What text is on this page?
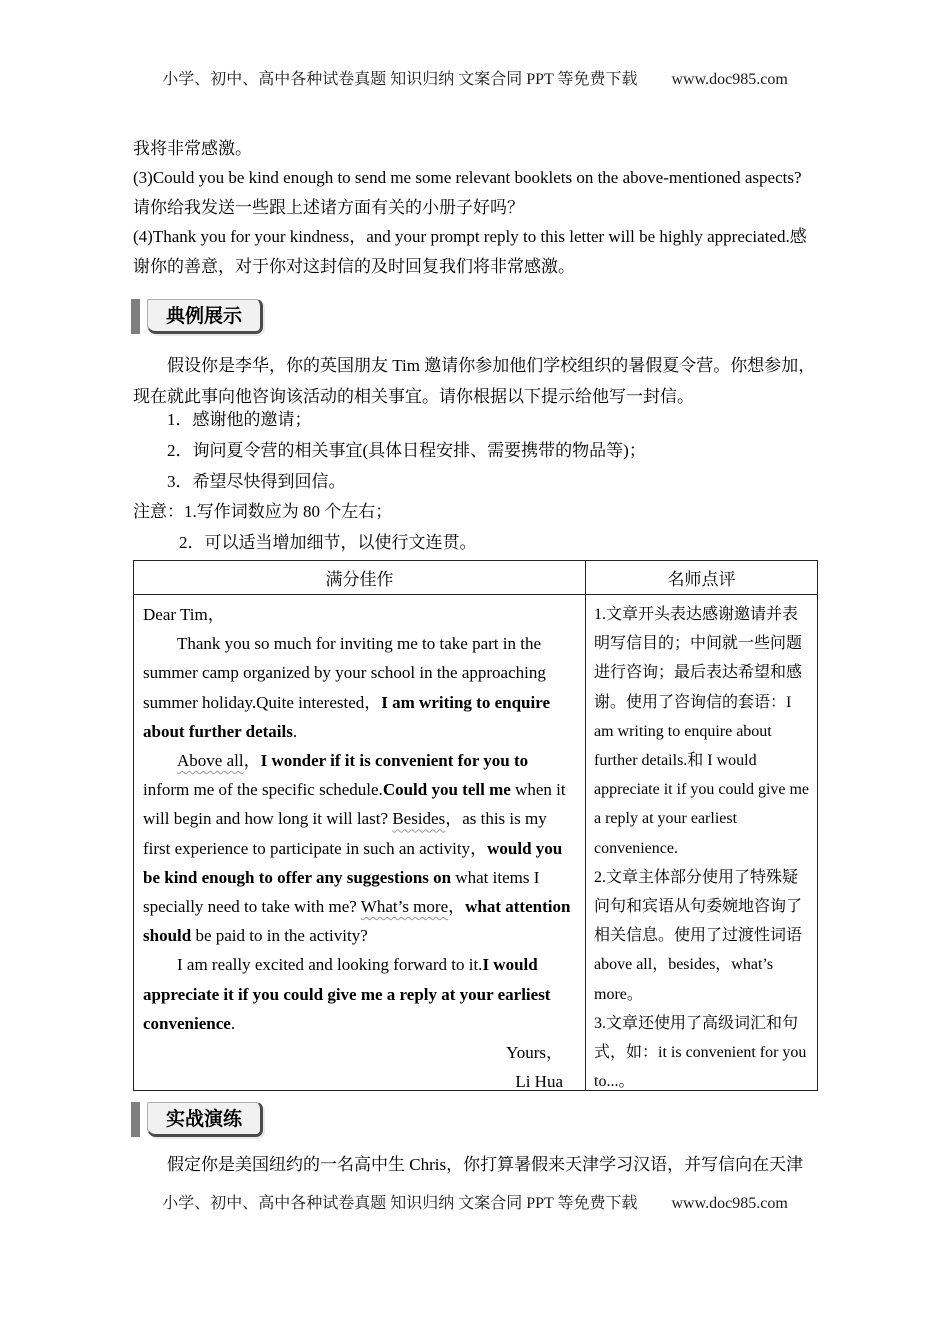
小学、初中、高中各种试卷真题 知识归纳 文案合同 PPT 等免费下载 www.doc985.com

我将非常感激。

(3)Could you be kind enough to send me some relevant booklets on the above-mentioned aspects?

请你给我发送一些跟上述诸方面有关的小册子好吗？

(4)Thank you for your kindness，and your prompt reply to this letter will be highly appreciated.感谢你的善意，对于你对这封信的及时回复我们将非常感激。

典例展示
假设你是李华，你的英国朋友 Tim 邀请你参加他们学校组织的暑假夏令营。你想参加，现在就此事向他咨询该活动的相关事宜。请你根据以下提示给他写一封信。
1．感谢他的邀请；
2．询问夏令营的相关事宜(具体日程安排、需要携带的物品等)；
3．希望尽快得到回信。
注意：1.写作词数应为 80 个左右；
2．可以适当增加细节，以使行文连贯。
满分佳作	名师点评

Dear Tim，

Thank you so much for inviting me to take part in the summer camp organized by your school in the approaching summer holiday.Quite interested，I am writing to enquire about further details.

Above all，I wonder if it is convenient for you to inform me of the specific schedule.Could you tell me when it will begin and how long it will last? Besides，as this is my first experience to participate in such an activity，would you be kind enough to offer any suggestions on what items I specially need to take with me? What’s more，what attention should be paid to in the activity?

I am really excited and looking forward to it.I would appreciate it if you could give me a reply at your earliest convenience.

Yours，

Li Hua

1.文章开头表达感谢邀请并表明写信目的；中间就一些问题进行咨询；最后表达希望和感谢。使用了咨询信的套语：I am writing to enquire about further details.和 I would appreciate it if you could give me a reply at your earliest convenience.

2.文章主体部分使用了特殊疑问句和宾语从句委婉地咨询了相关信息。使用了过渡性词语 above all，besides，what’s more。

3.文章还使用了高级词汇和句式，如：it is convenient for you to...。

实战演练
假定你是美国纽约的一名高中生 Chris，你打算暑假来天津学习汉语，并写信向在天津
小学、初中、高中各种试卷真题 知识归纳 文案合同 PPT 等免费下载 www.doc985.com
